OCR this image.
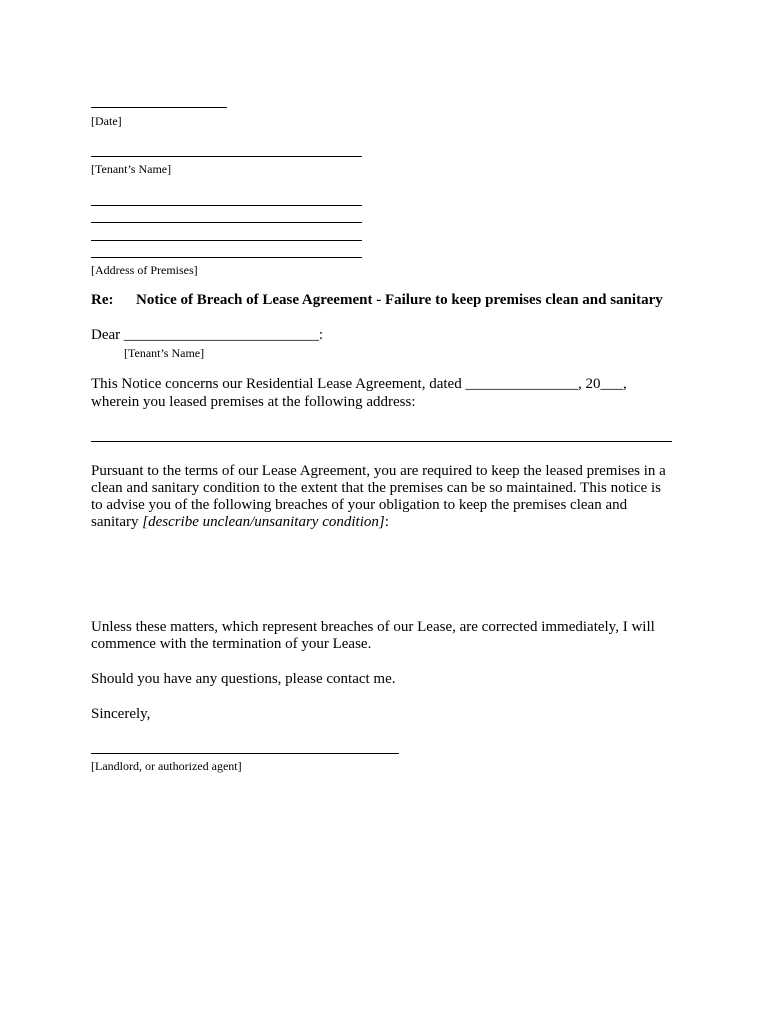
[Date]
[Tenant’s Name]
[Address of Premises]
Re: Notice of Breach of Lease Agreement - Failure to keep premises clean and sanitary
Dear __________________________:
[Tenant’s Name]
This Notice concerns our Residential Lease Agreement, dated _______________, 20___,
wherein you leased premises at the following address:
Pursuant to the terms of our Lease Agreement, you are required to keep the leased premises in a clean and sanitary condition to the extent that the premises can be so maintained. This notice is to advise you of the following breaches of your obligation to keep the premises clean and sanitary [describe unclean/unsanitary condition]:
Unless these matters, which represent breaches of our Lease, are corrected immediately, I will
commence with the termination of your Lease.
Should you have any questions, please contact me.
Sincerely,
[Landlord, or authorized agent]
